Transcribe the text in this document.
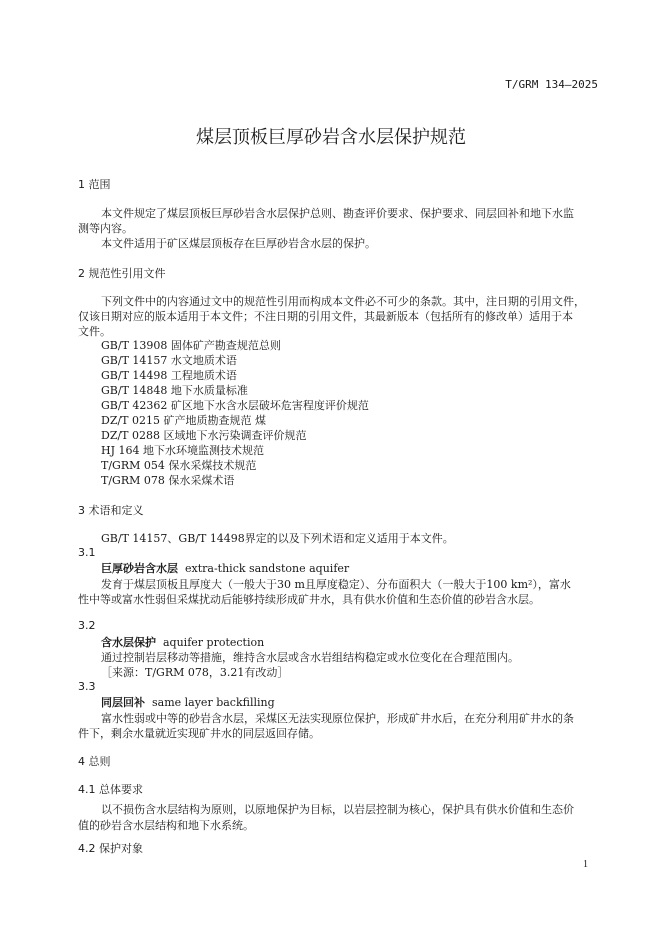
T/GRM 134—2025
煤层顶板巨厚砂岩含水层保护规范
1 范围
本文件规定了煤层顶板巨厚砂岩含水层保护总则、勘查评价要求、保护要求、同层回补和地下水监
测等内容。
本文件适用于矿区煤层顶板存在巨厚砂岩含水层的保护。
2 规范性引用文件
下列文件中的内容通过文中的规范性引用而构成本文件必不可少的条款。其中，注日期的引用文件，
仅该日期对应的版本适用于本文件；不注日期的引用文件，其最新版本（包括所有的修改单）适用于本
文件。
GB/T 13908 固体矿产勘查规范总则
GB/T 14157 水文地质术语
GB/T 14498 工程地质术语
GB/T 14848 地下水质量标准
GB/T 42362 矿区地下水含水层破坏危害程度评价规范
DZ/T 0215 矿产地质勘查规范 煤
DZ/T 0288 区域地下水污染调查评价规范
HJ 164 地下水环境监测技术规范
T/GRM 054 保水采煤技术规范
T/GRM 078 保水采煤术语
3 术语和定义
GB/T 14157、GB/T 14498界定的以及下列术语和定义适用于本文件。
3.1
巨厚砂岩含水层 extra-thick sandstone aquifer
发育于煤层顶板且厚度大（一般大于30 m且厚度稳定）、分布面积大（一般大于100 km²），富水
性中等或富水性弱但采煤扰动后能够持续形成矿井水，具有供水价值和生态价值的砂岩含水层。
3.2
含水层保护 aquifer protection
通过控制岩层移动等措施，维持含水层或含水岩组结构稳定或水位变化在合理范围内。
［来源：T/GRM 078，3.21有改动］
3.3
同层回补 same layer backfilling
富水性弱或中等的砂岩含水层，采煤区无法实现原位保护，形成矿井水后，在充分利用矿井水的条
件下，剩余水量就近实现矿井水的同层返回存储。
4 总则
4.1 总体要求
以不损伤含水层结构为原则，以原地保护为目标，以岩层控制为核心，保护具有供水价值和生态价
值的砂岩含水层结构和地下水系统。
4.2 保护对象
1
